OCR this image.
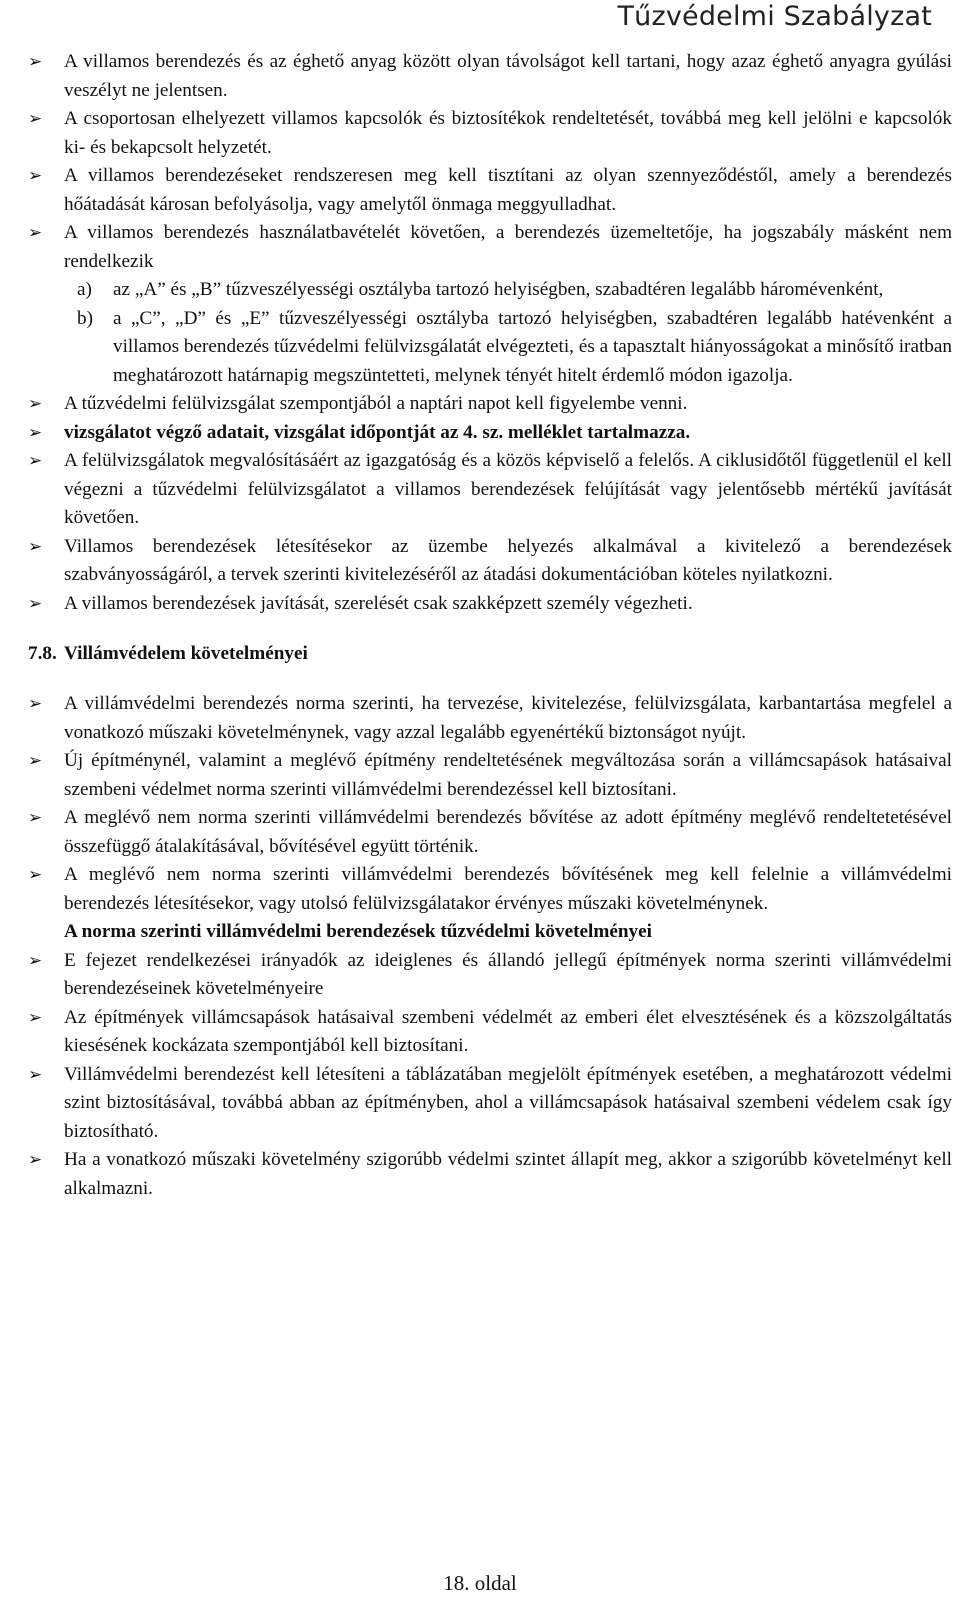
Tűzvédelmi Szabályzat
➢	A villamos berendezés és az éghető anyag között olyan távolságot kell tartani, hogy azaz éghető anyagra gyúlási veszélyt ne jelentsen.
➢	A csoportosan elhelyezett villamos kapcsolók és biztosítékok rendeltetését, továbbá meg kell jelölni e kapcsolók ki- és bekapcsolt helyzetét.
➢	A villamos berendezéseket rendszeresen meg kell tisztítani az olyan szennyeződéstől, amely a berendezés hőátadását károsan befolyásolja, vagy amelytől önmaga meggyulladhat.
➢	A villamos berendezés használatbavételét követően, a berendezés üzemeltetője, ha jogszabály másként nem rendelkezik
a) az „A” és „B” tűzveszélyességi osztályba tartozó helyiségben, szabadtéren legalább háromévenként,
b) a „C”, „D” és „E” tűzveszélyességi osztályba tartozó helyiségben, szabadtéren legalább hatévenként a villamos berendezés tűzvédelmi felülvizsgálatát elvégezteti, és a tapasztalt hiányosságokat a minősítő iratban meghatározott határnapig megszüntetteti, melynek tényét hitelt érdemlő módon igazolja.
➢	A tűzvédelmi felülvizsgálat szempontjából a naptári napot kell figyelembe venni.
➢	vizsgálatot végző adatait, vizsgálat időpontját az 4. sz. melléklet tartalmazza.
➢	A felülvizsgálatok megvalósításáért az igazgatóság és a közös képviselő a felelős. A ciklusidőtől függetlenül el kell végezni a tűzvédelmi felülvizsgálatot a villamos berendezések felújítását vagy jelentősebb mértékű javítását követően.
➢	Villamos berendezések létesítésekor az üzembe helyezés alkalmával a kivitelező a berendezések szabványosságáról, a tervek szerinti kivitelezéséről az átadási dokumentációban köteles nyilatkozni.
➢	A villamos berendezések javítását, szerelését csak szakképzett személy végezheti.
7.8. Villámvédelem követelményei
➢	A villámvédelmi berendezés norma szerinti, ha tervezése, kivitelezése, felülvizsgálata, karbantartása megfelel a vonatkozó műszaki követelménynek, vagy azzal legalább egyenértékű biztonságot nyújt.
➢	Új építménynél, valamint a meglévő építmény rendeltetésének megváltozása során a villámcsapások hatásaival szembeni védelmet norma szerinti villámvédelmi berendezéssel kell biztosítani.
➢	A meglévő nem norma szerinti villámvédelmi berendezés bővítése az adott építmény meglévő rendeltetetésével összefüggő átalakításával, bővítésével együtt történik.
➢	A meglévő nem norma szerinti villámvédelmi berendezés bővítésének meg kell felelnie a villámvédelmi berendezés létesítésekor, vagy utolsó felülvizsgálatakor érvényes műszaki követelménynek.
A norma szerinti villámvédelmi berendezések tűzvédelmi követelményei
➢	E fejezet rendelkezései irányadók az ideiglenes és állandó jellegű építmények norma szerinti villámvédelmi berendezéseinek követelményeire
➢	Az építmények villámcsapások hatásaival szembeni védelmét az emberi élet elvesztésének és a közszolgáltatás kiesésének kockázata szempontjából kell biztosítani.
➢	Villámvédelmi berendezést kell létesíteni a táblázatában megjelölt építmények esetében, a meghatározott védelmi szint biztosításával, továbbá abban az építményben, ahol a villámcsapások hatásaival szembeni védelem csak így biztosítható.
➢	Ha a vonatkozó műszaki követelmény szigorúbb védelmi szintet állapít meg, akkor a szigorúbb követelményt kell alkalmazni.
18. oldal
